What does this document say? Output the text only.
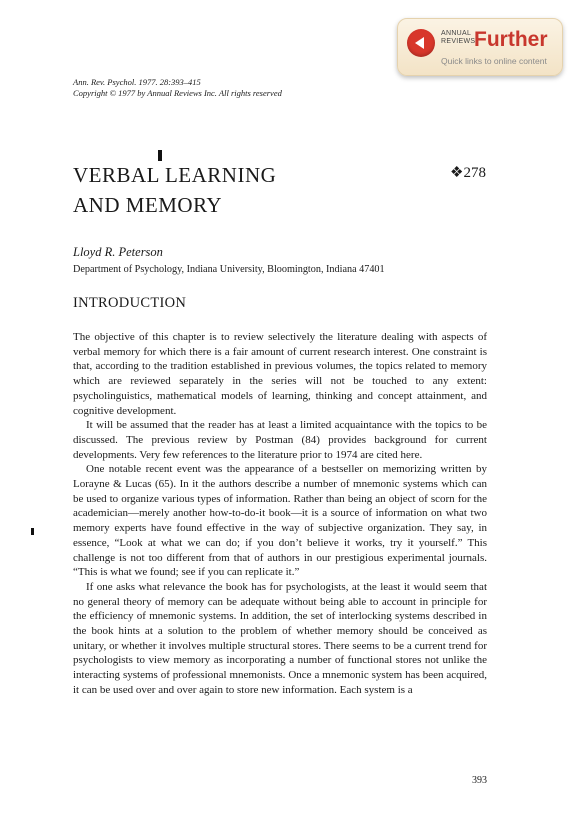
ANNUAL
REVIEWS
Further
Quick links to online content
Ann. Rev. Psychol. 1977. 28:393–415
Copyright © 1977 by Annual Reviews Inc. All rights reserved
VERBAL LEARNING
AND MEMORY
❖278
Lloyd R. Peterson
Department of Psychology, Indiana University, Bloomington, Indiana 47401
INTRODUCTION

The objective of this chapter is to review selectively the literature dealing with aspects of verbal memory for which there is a fair amount of current research interest. One constraint is that, according to the tradition established in previous volumes, the topics related to memory which are reviewed separately in the series will not be touched to any extent: psycholinguistics, mathematical models of learning, thinking and concept attainment, and cognitive development.

It will be assumed that the reader has at least a limited acquaintance with the topics to be discussed. The previous review by Postman (84) provides background for current developments. Very few references to the literature prior to 1974 are cited here.

One notable recent event was the appearance of a bestseller on memorizing written by Lorayne & Lucas (65). In it the authors describe a number of mnemonic systems which can be used to organize various types of information. Rather than being an object of scorn for the academician—merely another how-to-do-it book—it is a source of information on what two memory experts have found effective in the way of subjective organization. They say, in essence, “Look at what we can do; if you don’t believe it works, try it yourself.” This challenge is not too different from that of authors in our prestigious experimental journals. “This is what we found; see if you can replicate it.”

If one asks what relevance the book has for psychologists, at the least it would seem that no general theory of memory can be adequate without being able to account in principle for the efficiency of mnemonic systems. In addition, the set of interlocking systems described in the book hints at a solution to the problem of whether memory should be conceived as unitary, or whether it involves multiple structural stores. There seems to be a current trend for psychologists to view memory as incorporating a number of functional stores not unlike the interacting systems of professional mnemonists. Once a mnemonic system has been acquired, it can be used over and over again to store new information. Each system is a

393
